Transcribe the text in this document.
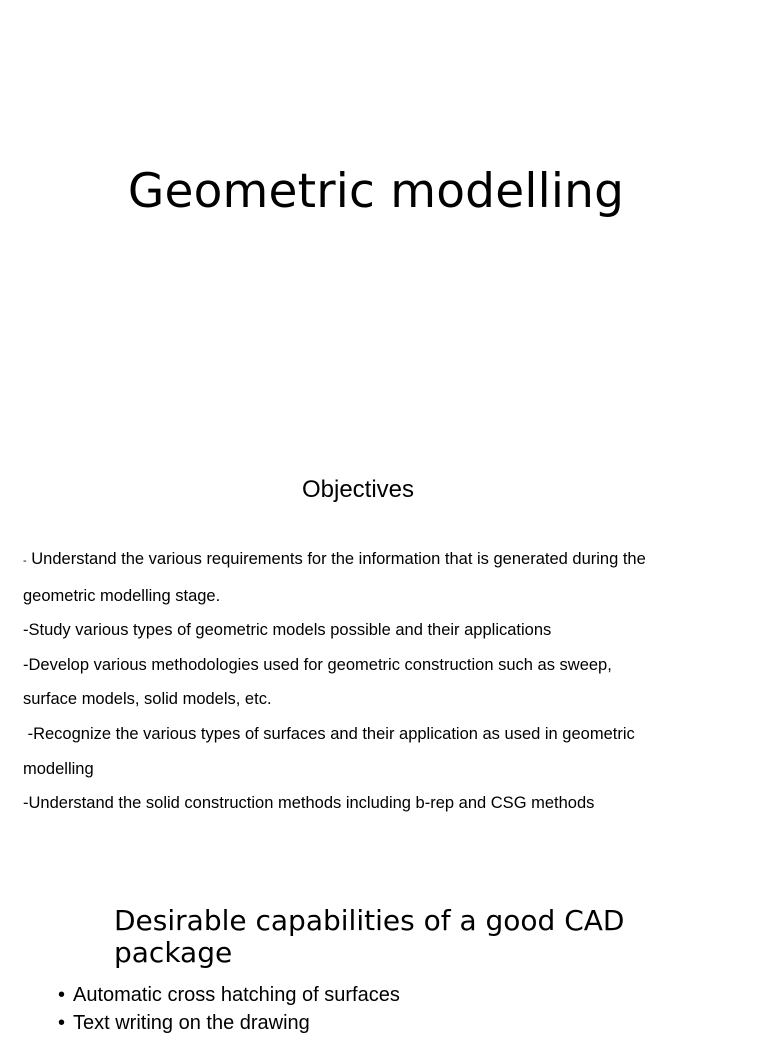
Geometric modelling
Objectives
- Understand the various requirements for the information that is generated during the
geometric modelling stage.
-Study various types of geometric models possible and their applications
-Develop various methodologies used for geometric construction such as sweep,
surface models, solid models, etc.
-Recognize the various types of surfaces and their application as used in geometric
modelling
-Understand the solid construction methods including b-rep and CSG methods
Desirable capabilities of a good CAD
package
• Automatic cross hatching of surfaces
• Text writing on the drawing
